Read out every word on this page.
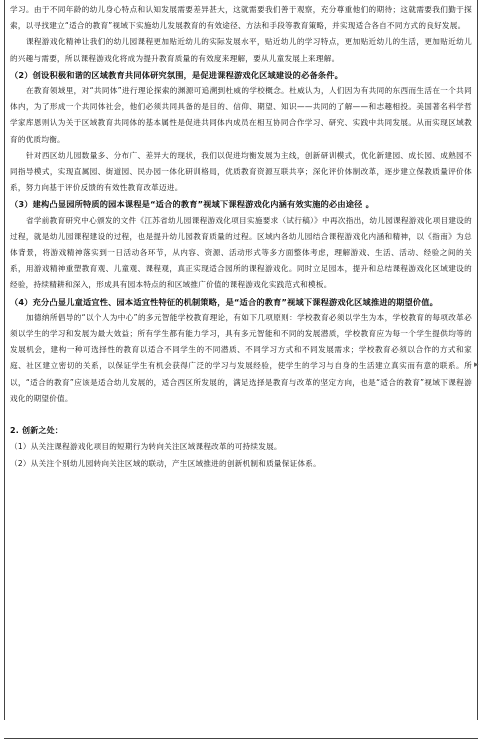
▸

学习。由于不同年龄的幼儿身心特点和认知发展需要差异甚大，这就需要我们善于观察，充分尊重他们的期待；这就需要我们勤于探索，以寻找建立“适合的教育”视域下实施幼儿发展教育的有效途径、方法和手段等教育策略，并实现适合各自不同方式的良好发展。

课程游戏化精神让我们的幼儿园课程更加贴近幼儿的实际发展水平，贴近幼儿的学习特点，更加贴近幼儿的生活，更加贴近幼儿的兴趣与需要，所以课程游戏化将成为提升教育质量的有效度来理解，要从儿童发展上来理解。

（2）创设积极和谐的区域教育共同体研究氛围，是促进课程游戏化区域建设的必备条件。

在教育领域里，对“共同体”进行理论探索的渊源可追溯到杜威的学校概念。杜威认为，人们因为有共同的东西而生活在一个共同体内，为了形成一个共同体社会，他们必须共同具备的是目的、信仰、期望、知识——共同的了解——和志趣相投。美国著名科学哲学家库恩则认为关于区域教育共同体的基本属性是促进共同体内成员在相互协同合作学习、研究、实践中共同发展。从而实现区域教育的优质均衡。

针对西区幼儿园数量多、分布广、差异大的现状，我们以促进均衡发展为主线，创新研训模式，优化新建园、成长园、成熟园不同指导模式，实现直属园、街道园、民办园一体化研训格局，优质教育资源互联共享；深化评价体制改革，逐步建立保教质量评价体系，努力向基于评价反馈的有效性教育改革迈进。

（3）建构凸显园所特质的园本课程是“适合的教育”视域下课程游戏化内涵有效实施的必由途径 。

省学前教育研究中心颁发的文件《江苏省幼儿园课程游戏化项目实施要求（试行稿）》中再次指出，幼儿园课程游戏化项目建设的过程，就是幼儿园课程建设的过程，也是提升幼儿园教育质量的过程。区域内各幼儿园结合课程游戏化内涵和精神，以《指南》为总体背景，将游戏精神落实到一日活动各环节，从内容、资源、活动形式等多方面整体考虑，理解游戏、生活、活动、经验之间的关系，用游戏精神重塑教育观、儿童观、课程观，真正实现适合园所的课程游戏化。同时立足园本，提升和总结课程游戏化区域建设的经验，持续精耕和深入，形成具有园本特点的和区域推广价值的课程游戏化实践范式和模板。

（4）充分凸显儿童适宜性、园本适宜性特征的机制策略，是“适合的教育”视域下课程游戏化区域推进的期望价值。

加德纳所倡导的“以个人为中心”的多元智能学校教育理论，有如下几项原则：学校教育必须以学生为本，学校教育的每项改革必须以学生的学习和发展为最大效益；所有学生都有能力学习，具有多元智能和不同的发展潜质，学校教育应为每一个学生提供均等的发展机会，建构一种可选择性的教育以适合不同学生的不同潜质、不同学习方式和不同发展需求；学校教育必须以合作的方式和家庭、社区建立密切的关系，以保证学生有机会获得广泛的学习与发展经验，使学生的学习与自身的生活建立真实而有意的联系。所以，“适合的教育”应该是适合幼儿发展的，适合西区所发展的，满足选择是教育与改革的坚定方向，也是“适合的教育”视域下课程游戏化的期望价值。

2. 创新之处：
（1）从关注课程游戏化项目的短期行为转向关注区域课程改革的可持续发展。
（2）从关注个别幼儿园转向关注区域的联动，产生区域推进的创新机制和质量保证体系。
